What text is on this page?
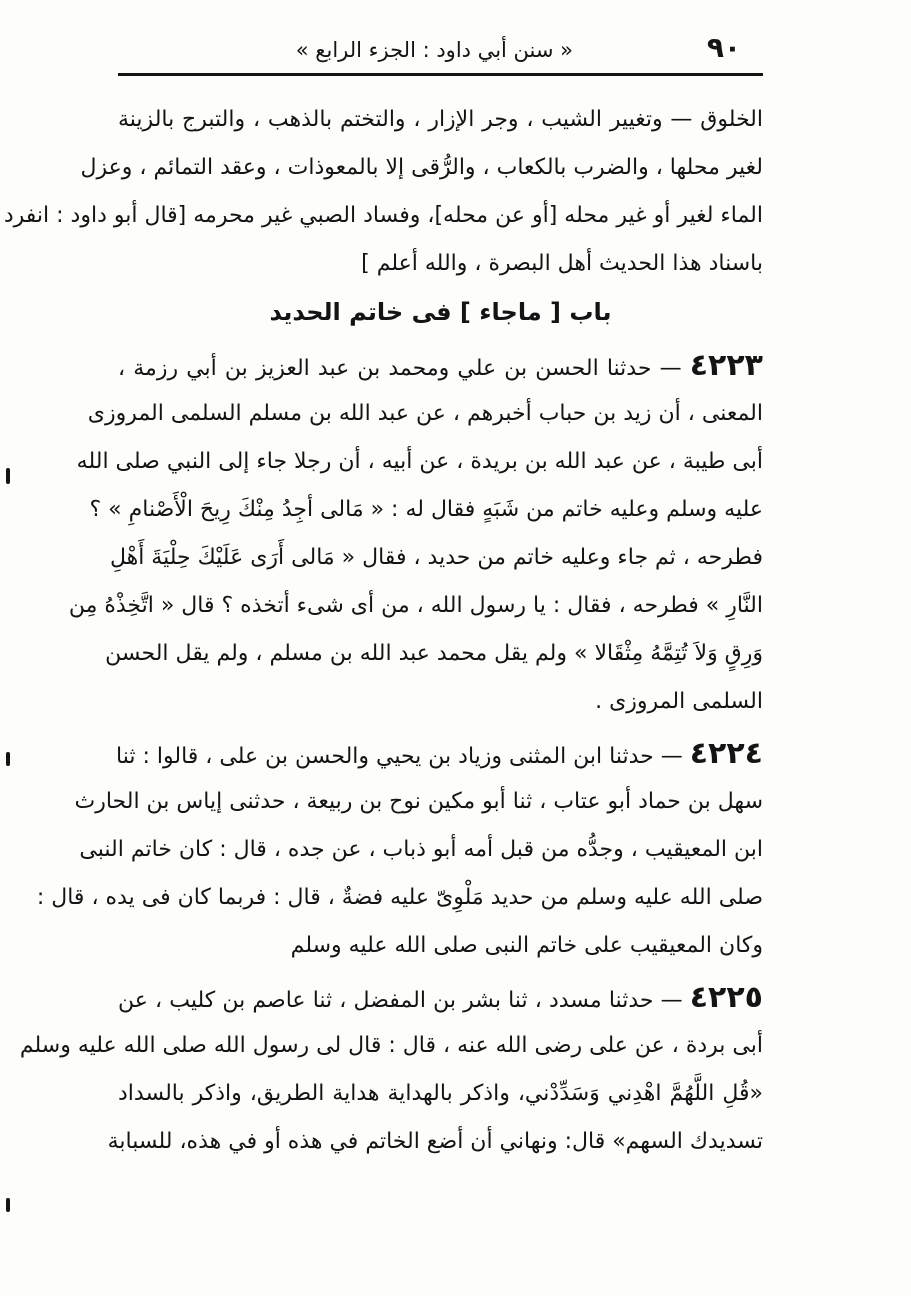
٩٠
« سنن أبي داود : الجزء الرابع »
الخلوق — وتغيير الشيب ، وجر الإزار ، والتختم بالذهب ، والتبرج بالزينة
لغير محلها ، والضرب بالكعاب ، والرُّقى إلا بالمعوذات ، وعقد التمائم ، وعزل
الماء لغير أو غير محله [أو عن محله]، وفساد الصبي غير محرمه [قال أبو داود : انفرد
باسناد هذا الحديث أهل البصرة ، والله أعلم ]
باب [ ماجاء ] فى خاتم الحديد
٤٢٢٣ — حدثنا الحسن بن علي ومحمد بن عبد العزيز بن أبي رزمة ،
المعنى ، أن زيد بن حباب أخبرهم ، عن عبد الله بن مسلم السلمى المروزى
أبى طيبة ، عن عبد الله بن بريدة ، عن أبيه ، أن رجلا جاء إلى النبي صلى الله
عليه وسلم وعليه خاتم من شَبَهٍ فقال له : « مَالى أجِدُ مِنْكَ رِيحَ الْأَصْنامِ » ؟
فطرحه ، ثم جاء وعليه خاتم من حديد ، فقال « مَالى أَرَى عَلَيْكَ حِلْيَةَ أَهْلِ
النَّارِ » فطرحه ، فقال : يا رسول الله ، من أى شىء أتخذه ؟ قال « اتَّخِذْهُ مِن
وَرِقٍ وَلاَ تُتِمَّهُ مِثْقَالا » ولم يقل محمد عبد الله بن مسلم ، ولم يقل الحسن
السلمى المروزى .
٤٢٢٤ — حدثنا ابن المثنى وزياد بن يحيي والحسن بن على ، قالوا : ثنا
سهل بن حماد أبو عتاب ، ثنا أبو مكين نوح بن ربيعة ، حدثنى إياس بن الحارث
ابن المعيقيب ، وجدُّه من قبل أمه أبو ذباب ، عن جده ، قال : كان خاتم النبى
صلى الله عليه وسلم من حديد مَلْوِىّ عليه فضةٌ ، قال : فربما كان فى يده ، قال :
وكان المعيقيب على خاتم النبى صلى الله عليه وسلم
٤٢٢٥ — حدثنا مسدد ، ثنا بشر بن المفضل ، ثنا عاصم بن كليب ، عن
أبى بردة ، عن على رضى الله عنه ، قال : قال لى رسول الله صلى الله عليه وسلم
«قُلِ اللَّهُمَّ اهْدِني وَسَدِّدْني، واذكر بالهداية هداية الطريق، واذكر بالسداد
تسديدك السهم» قال: ونهاني أن أضع الخاتم في هذه أو في هذه، للسبابة
